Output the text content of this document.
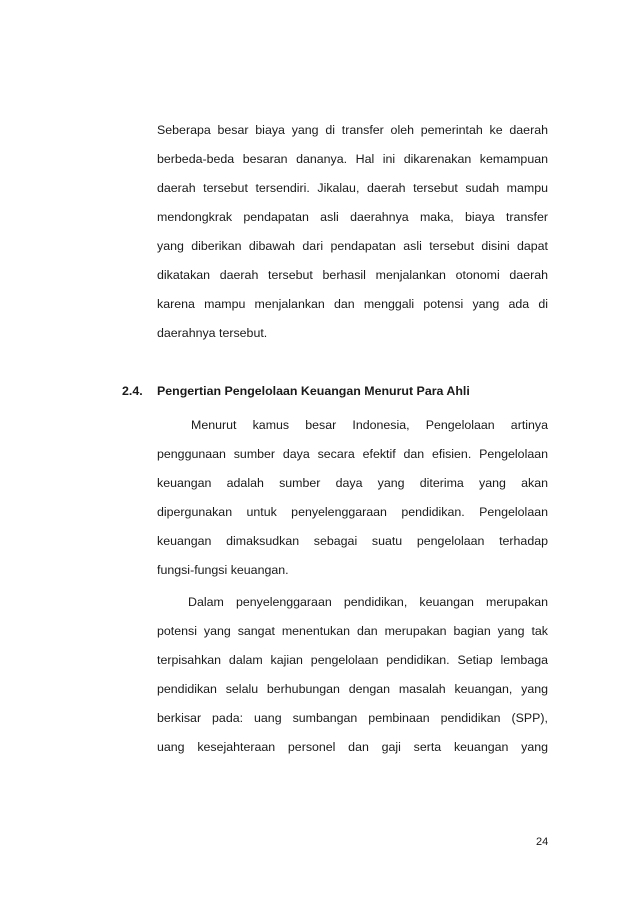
Seberapa besar biaya yang di transfer oleh pemerintah ke daerah
berbeda-beda besaran dananya. Hal ini dikarenakan kemampuan
daerah tersebut tersendiri. Jikalau, daerah tersebut sudah mampu
mendongkrak pendapatan asli daerahnya maka, biaya transfer
yang diberikan dibawah dari pendapatan asli tersebut disini dapat
dikatakan daerah tersebut berhasil menjalankan otonomi daerah
karena mampu menjalankan dan menggali potensi yang ada di
daerahnya tersebut.
2.4. Pengertian Pengelolaan Keuangan Menurut Para Ahli
Menurut kamus besar Indonesia, Pengelolaan artinya
penggunaan sumber daya secara efektif dan efisien. Pengelolaan
keuangan adalah sumber daya yang diterima yang akan
dipergunakan untuk penyelenggaraan pendidikan. Pengelolaan
keuangan dimaksudkan sebagai suatu pengelolaan terhadap
fungsi-fungsi keuangan.
Dalam penyelenggaraan pendidikan, keuangan merupakan
potensi yang sangat menentukan dan merupakan bagian yang tak
terpisahkan dalam kajian pengelolaan pendidikan. Setiap lembaga
pendidikan selalu berhubungan dengan masalah keuangan, yang
berkisar pada: uang sumbangan pembinaan pendidikan (SPP),
uang kesejahteraan personel dan gaji serta keuangan yang

24
